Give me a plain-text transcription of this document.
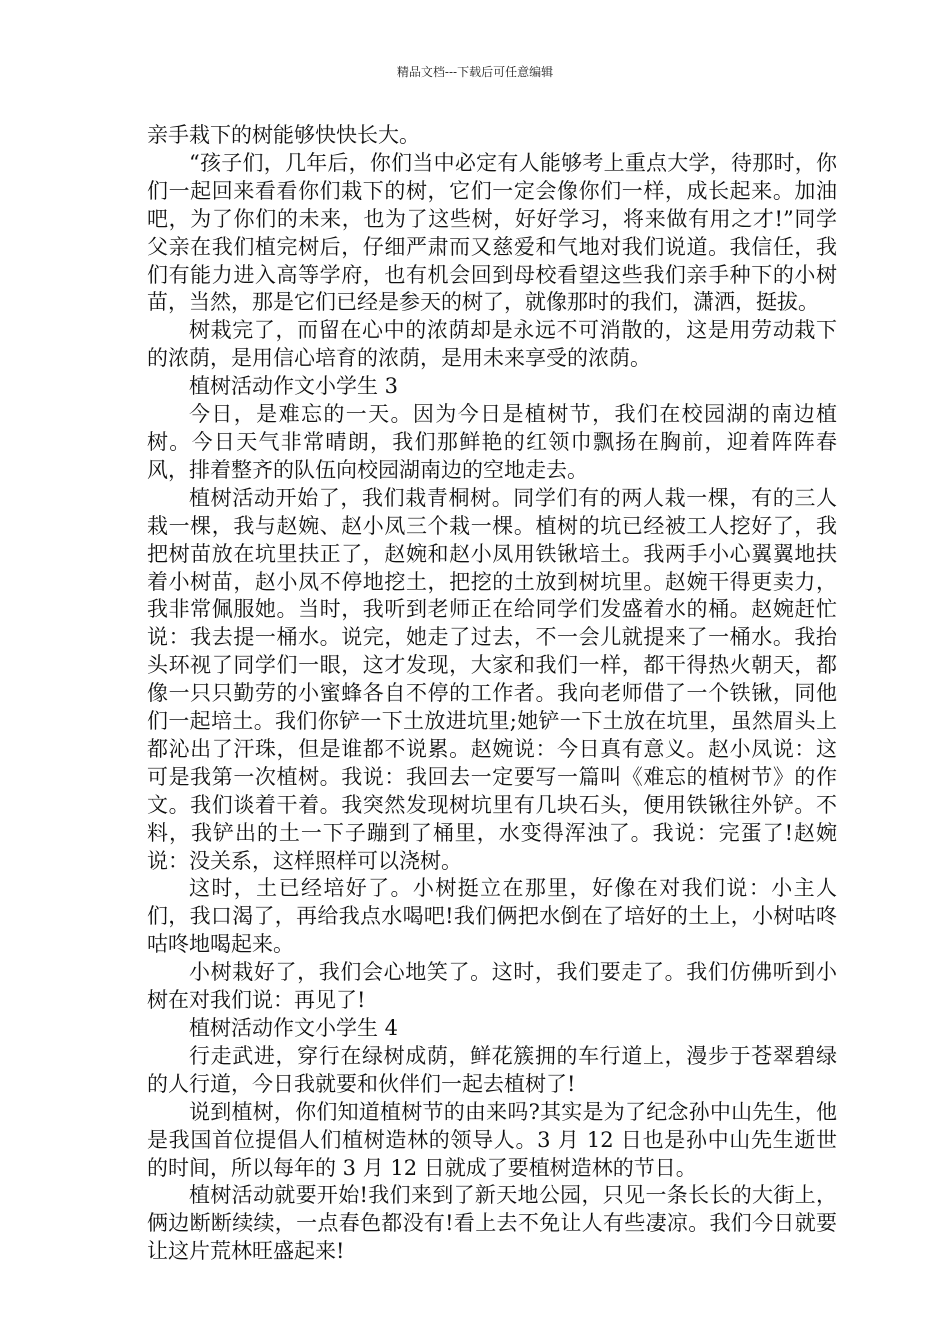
精品文档---下载后可任意编辑

亲手栽下的树能够快快长大。

“孩子们，几年后，你们当中必定有人能够考上重点大学，待那时，你们一起回来看看你们栽下的树，它们一定会像你们一样，成长起来。加油吧，为了你们的未来，也为了这些树，好好学习，将来做有用之才!”同学父亲在我们植完树后，仔细严肃而又慈爱和气地对我们说道。我信任，我们有能力进入高等学府，也有机会回到母校看望这些我们亲手种下的小树苗，当然，那是它们已经是参天的树了，就像那时的我们，潇洒，挺拔。

树栽完了，而留在心中的浓荫却是永远不可消散的，这是用劳动栽下的浓荫，是用信心培育的浓荫，是用未来享受的浓荫。

植树活动作文小学生 3

今日，是难忘的一天。因为今日是植树节，我们在校园湖的南边植树。今日天气非常晴朗，我们那鲜艳的红领巾飘扬在胸前，迎着阵阵春风，排着整齐的队伍向校园湖南边的空地走去。

植树活动开始了，我们栽青桐树。同学们有的两人栽一棵，有的三人栽一棵，我与赵婉、赵小凤三个栽一棵。植树的坑已经被工人挖好了，我把树苗放在坑里扶正了，赵婉和赵小凤用铁锹培土。我两手小心翼翼地扶着小树苗，赵小凤不停地挖土，把挖的土放到树坑里。赵婉干得更卖力，我非常佩服她。当时，我听到老师正在给同学们发盛着水的桶。赵婉赶忙说：我去提一桶水。说完，她走了过去，不一会儿就提来了一桶水。我抬头环视了同学们一眼，这才发现，大家和我们一样，都干得热火朝天，都像一只只勤劳的小蜜蜂各自不停的工作者。我向老师借了一个铁锹，同他们一起培土。我们你铲一下土放进坑里;她铲一下土放在坑里，虽然眉头上都沁出了汗珠，但是谁都不说累。赵婉说：今日真有意义。赵小凤说：这可是我第一次植树。我说：我回去一定要写一篇叫《难忘的植树节》的作文。我们谈着干着。我突然发现树坑里有几块石头，便用铁锹往外铲。不料，我铲出的土一下子蹦到了桶里，水变得浑浊了。我说：完蛋了!赵婉说：没关系，这样照样可以浇树。

这时，土已经培好了。小树挺立在那里，好像在对我们说：小主人们，我口渴了，再给我点水喝吧!我们俩把水倒在了培好的土上，小树咕咚咕咚地喝起来。

小树栽好了，我们会心地笑了。这时，我们要走了。我们仿佛听到小树在对我们说：再见了!

植树活动作文小学生 4

行走武进，穿行在绿树成荫，鲜花簇拥的车行道上，漫步于苍翠碧绿的人行道，今日我就要和伙伴们一起去植树了!

说到植树，你们知道植树节的由来吗?其实是为了纪念孙中山先生，他是我国首位提倡人们植树造林的领导人。3 月 12 日也是孙中山先生逝世的时间，所以每年的 3 月 12 日就成了要植树造林的节日。

植树活动就要开始!我们来到了新天地公园，只见一条长长的大街上，俩边断断续续，一点春色都没有!看上去不免让人有些凄凉。我们今日就要让这片荒林旺盛起来!
